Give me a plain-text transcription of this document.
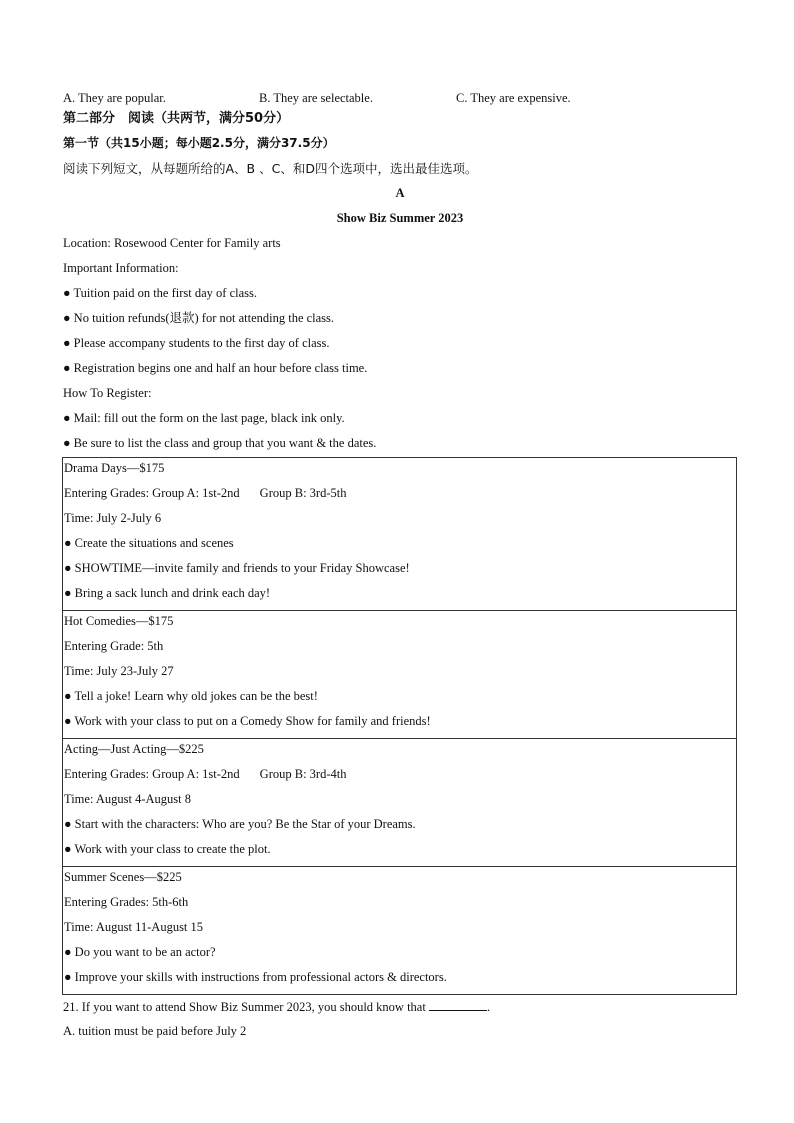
A. They are popular.	B. They are selectable.	C. They are expensive.
第二部分　阅读（共两节，满分50分）
第一节（共15小题；每小题2.5分，满分37.5分）
阅读下列短文，从每题所给的A、B 、C、和D四个选项中，选出最佳选项。
A
Show Biz Summer 2023
Location: Rosewood Center for Family arts
Important Information:
● Tuition paid on the first day of class.
● No tuition refunds(退款) for not attending the class.
● Please accompany students to the first day of class.
● Registration begins one and half an hour before class time.
How To Register:
● Mail: fill out the form on the last page, black ink only.
● Be sure to list the class and group that you want & the dates.
Drama Days—$175
Entering Grades: Group A: 1st-2nd Group B: 3rd-5th
Time: July 2-July 6
● Create the situations and scenes
● SHOWTIME—invite family and friends to your Friday Showcase!
● Bring a sack lunch and drink each day!

Hot Comedies—$175
Entering Grade: 5th
Time: July 23-July 27
● Tell a joke! Learn why old jokes can be the best!
● Work with your class to put on a Comedy Show for family and friends!

Acting—Just Acting—$225
Entering Grades: Group A: 1st-2nd Group B: 3rd-4th
Time: August 4-August 8
● Start with the characters: Who are you? Be the Star of your Dreams.
● Work with your class to create the plot.

Summer Scenes—$225
Entering Grades: 5th-6th
Time: August 11-August 15
● Do you want to be an actor?
● Improve your skills with instructions from professional actors & directors.
21. If you want to attend Show Biz Summer 2023, you should know that	.
A. tuition must be paid before July 2
